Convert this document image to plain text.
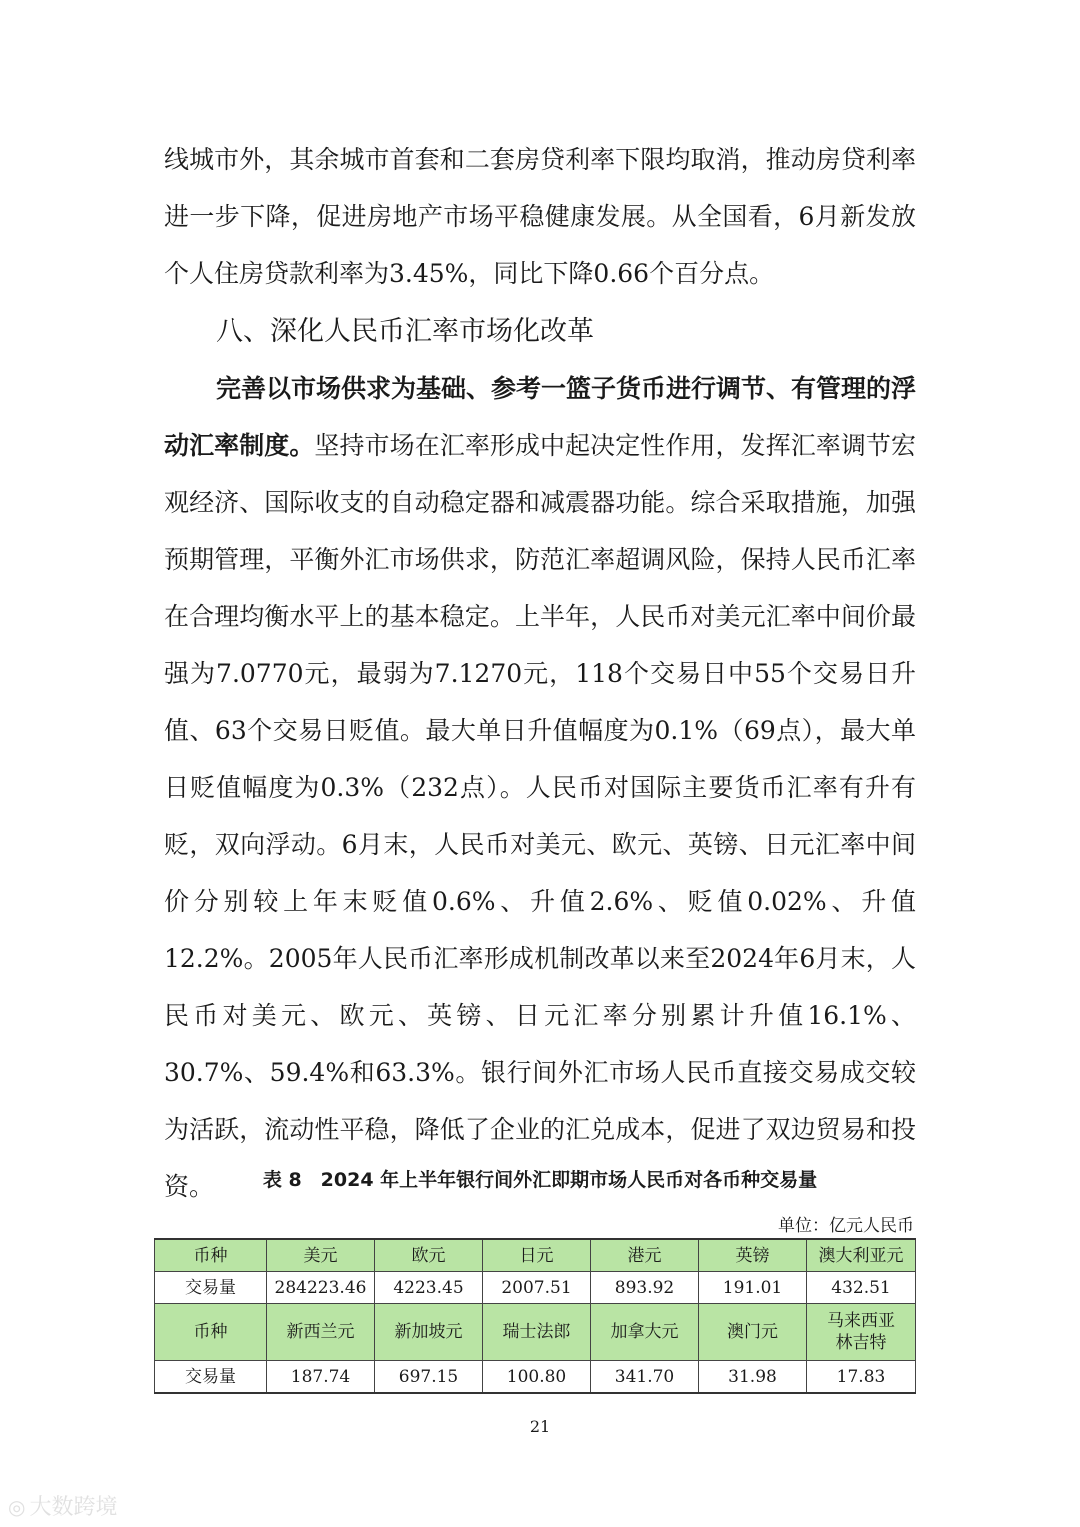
线城市外，其余城市首套和二套房贷利率下限均取消，推动房贷利率进一步下降，促进房地产市场平稳健康发展。从全国看，6月新发放个人住房贷款利率为3.45%，同比下降0.66个百分点。

八、深化人民币汇率市场化改革

完善以市场供求为基础、参考一篮子货币进行调节、有管理的浮动汇率制度。坚持市场在汇率形成中起决定性作用，发挥汇率调节宏观经济、国际收支的自动稳定器和减震器功能。综合采取措施，加强预期管理，平衡外汇市场供求，防范汇率超调风险，保持人民币汇率在合理均衡水平上的基本稳定。上半年，人民币对美元汇率中间价最强为7.0770元，最弱为7.1270元，118个交易日中55个交易日升值、63个交易日贬值。最大单日升值幅度为0.1%（69点），最大单日贬值幅度为0.3%（232点）。人民币对国际主要货币汇率有升有贬，双向浮动。6月末，人民币对美元、欧元、英镑、日元汇率中间价分别较上年末贬值0.6%、升值2.6%、贬值0.02%、升值12.2%。2005年人民币汇率形成机制改革以来至2024年6月末，人民币对美元、欧元、英镑、日元汇率分别累计升值16.1%、30.7%、59.4%和63.3%。银行间外汇市场人民币直接交易成交较为活跃，流动性平稳，降低了企业的汇兑成本，促进了双边贸易和投资。	表 8　2024 年上半年银行间外汇即期市场人民币对各币种交易量

单位：亿元人民币

币种	美元	欧元	日元	港元	英镑	澳大利亚元
交易量	284223.46	4223.45	2007.51	893.92	191.01	432.51
币种	新西兰元	新加坡元	瑞士法郎	加拿大元	澳门元	马来西亚林吉特
交易量	187.74	697.15	100.80	341.70	31.98	17.83

21

◎ 大数跨境
